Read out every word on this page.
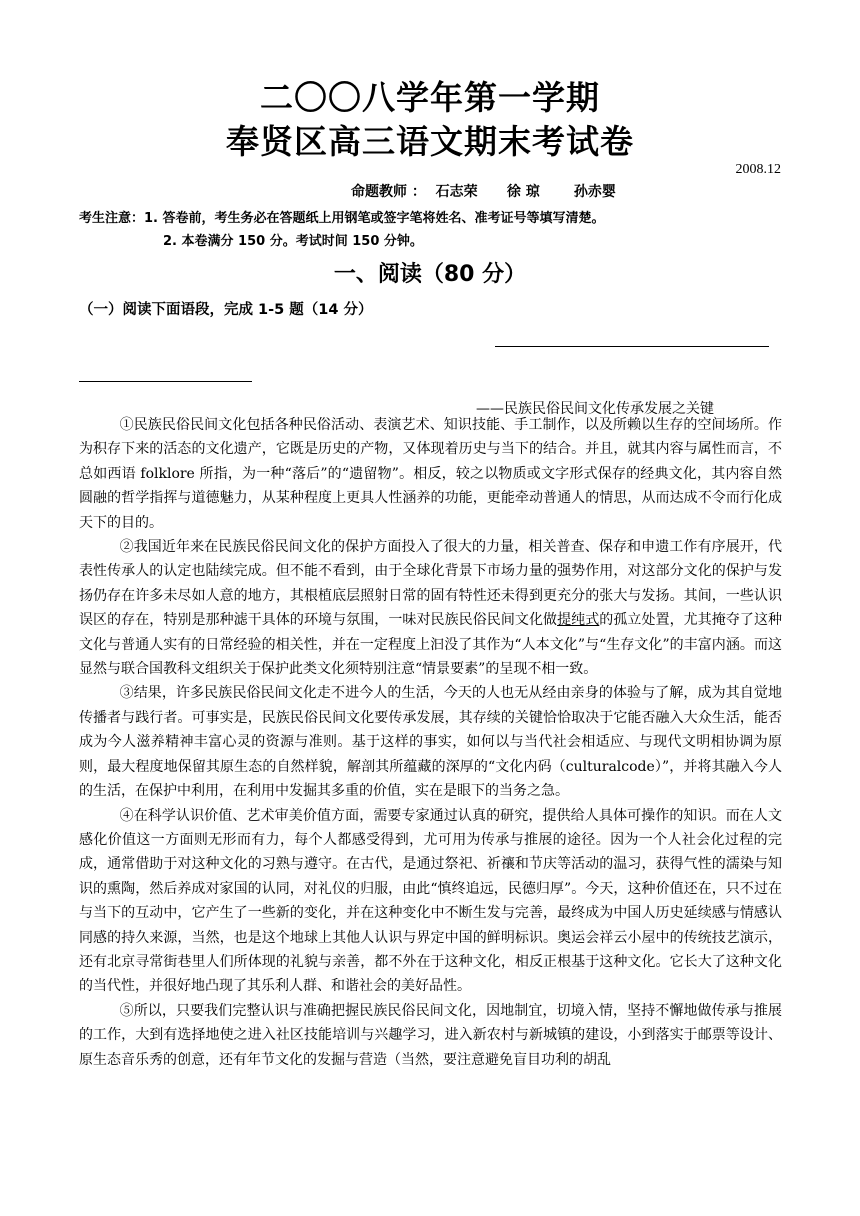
二〇〇八学年第一学期
奉贤区高三语文期末考试卷
2008.12
命题教师 ：  石志荣      徐 琼       孙赤婴
考生注意：1. 答卷前，考生务必在答题纸上用钢笔或签字笔将姓名、准考证号等填写清楚。
2. 本卷满分 150 分。考试时间 150 分钟。
一、阅读（80 分）
（一）阅读下面语段，完成 1-5 题（14 分）
——民族民俗民间文化传承发展之关键

①民族民俗民间文化包括各种民俗活动、表演艺术、知识技能、手工制作，以及所赖以生存的空间场所。作为积存下来的活态的文化遗产，它既是历史的产物，又体现着历史与当下的结合。并且，就其内容与属性而言，不总如西语 folklore 所指，为一种“落后”的“遗留物”。相反，较之以物质或文字形式保存的经典文化，其内容自然圆融的哲学指挥与道德魅力，从某种程度上更具人性涵养的功能，更能牵动普通人的情思，从而达成不令而行化成天下的目的。

②我国近年来在民族民俗民间文化的保护方面投入了很大的力量，相关普查、保存和申遗工作有序展开，代表性传承人的认定也陆续完成。但不能不看到，由于全球化背景下市场力量的强势作用，对这部分文化的保护与发扬仍存在许多未尽如人意的地方，其根植底层照射日常的固有特性还未得到更充分的张大与发扬。其间，一些认识误区的存在，特别是那种滤干具体的环境与氛围，一味对民族民俗民间文化做提纯式的孤立处置，尤其掩夺了这种文化与普通人实有的日常经验的相关性，并在一定程度上汩没了其作为“人本文化”与“生存文化”的丰富内涵。而这显然与联合国教科文组织关于保护此类文化须特别注意“情景要素”的呈现不相一致。

③结果，许多民族民俗民间文化走不进今人的生活，今天的人也无从经由亲身的体验与了解，成为其自觉地传播者与践行者。可事实是，民族民俗民间文化要传承发展，其存续的关键恰恰取决于它能否融入大众生活，能否成为今人滋养精神丰富心灵的资源与准则。基于这样的事实，如何以与当代社会相适应、与现代文明相协调为原则，最大程度地保留其原生态的自然样貌，解剖其所蕴藏的深厚的“文化内码（culturalcode）”，并将其融入今人的生活，在保护中利用，在利用中发掘其多重的价值，实在是眼下的当务之急。

④在科学认识价值、艺术审美价值方面，需要专家通过认真的研究，提供给人具体可操作的知识。而在人文感化价值这一方面则无形而有力，每个人都感受得到，尤可用为传承与推展的途径。因为一个人社会化过程的完成，通常借助于对这种文化的习熟与遵守。在古代，是通过祭祀、祈禳和节庆等活动的温习，获得气性的濡染与知识的熏陶，然后养成对家国的认同，对礼仪的归服，由此“慎终追远，民德归厚”。今天，这种价值还在，只不过在与当下的互动中，它产生了一些新的变化，并在这种变化中不断生发与完善，最终成为中国人历史延续感与情感认同感的持久来源，当然，也是这个地球上其他人认识与界定中国的鲜明标识。奥运会祥云小屋中的传统技艺演示，还有北京寻常街巷里人们所体现的礼貌与亲善，都不外在于这种文化，相反正根基于这种文化。它长大了这种文化的当代性，并很好地凸现了其乐利人群、和谐社会的美好品性。

⑤所以，只要我们完整认识与准确把握民族民俗民间文化，因地制宜，切境入情，坚持不懈地做传承与推展的工作，大到有选择地使之进入社区技能培训与兴趣学习，进入新农村与新城镇的建设，小到落实于邮票等设计、原生态音乐秀的创意，还有年节文化的发掘与营造（当然，要注意避免盲目功利的胡乱
